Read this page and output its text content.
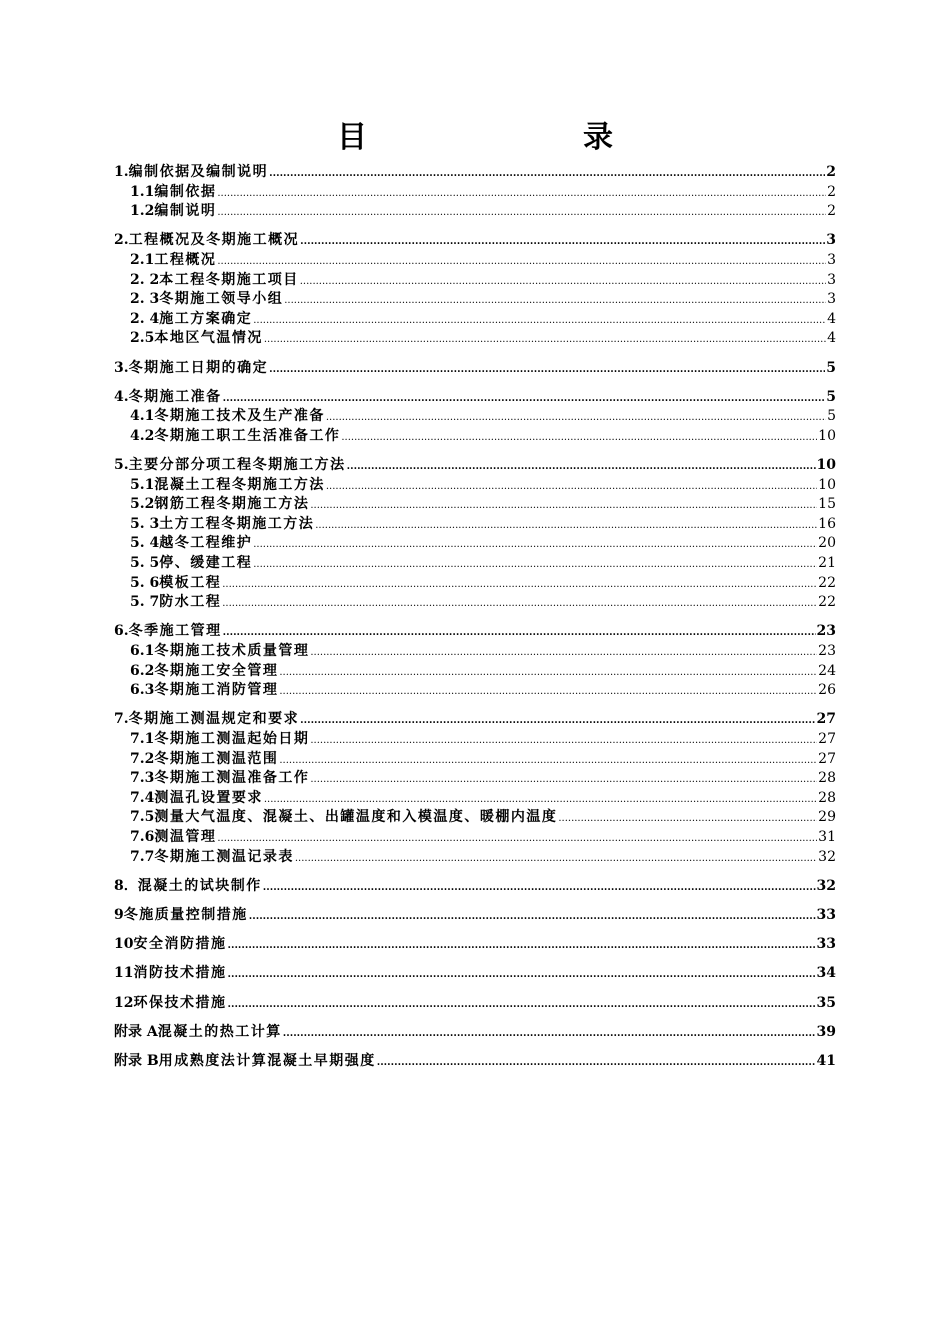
目　　录
1. 编制依据及编制说明 .....	2
1.1 编制依据 .....	2
1.2 编制说明 .....	2
2. 工程概况及冬期施工概况 .....	3
2.1 工程概况 .....	3
2. 2 本工程冬期施工项目 .....	3
2. 3 冬期施工领导小组 .....	3
2. 4 施工方案确定 .....	4
2.5 本地区气温情况 .....	4
3. 冬期施工日期的确定 .....	5
4. 冬期施工准备 .....	5
4.1 冬期施工技术及生产准备 .....	5
4.2 冬期施工职工生活准备工作 .....	10
5. 主要分部分项工程冬期施工方法 .....	10
5.1 混凝土工程冬期施工方法 .....	10
5.2 钢筋工程冬期施工方法 .....	15
5. 3 土方工程冬期施工方法 .....	16
5. 4 越冬工程维护 .....	20
5. 5 停、缓建工程 .....	21
5. 6 模板工程 .....	22
5. 7 防水工程 .....	22
6. 冬季施工管理 .....	23
6.1 冬期施工技术质量管理 .....	23
6.2 冬期施工安全管理 .....	24
6.3 冬期施工消防管理 .....	26
7. 冬期施工测温规定和要求 .....	27
7.1 冬期施工测温起始日期 .....	27
7.2 冬期施工测温范围 .....	27
7.3 冬期施工测温准备工作 .....	28
7.4 测温孔设置要求 .....	28
7.5 测量大气温度、混凝土、出罐温度和入模温度、暖棚内温度 .....	29
7.6 测温管理 .....	31
7.7 冬期施工测温记录表 .....	32
8． 混凝土的试块制作 .....	32
9 冬施质量控制措施 .....	33
10 安全消防措施 .....	33
11 消防技术措施 .....	34
12 环保技术措施 .....	35
附录 A 混凝土的热工计算 .....	39
附录 B 用成熟度法计算混凝土早期强度 .....	41
